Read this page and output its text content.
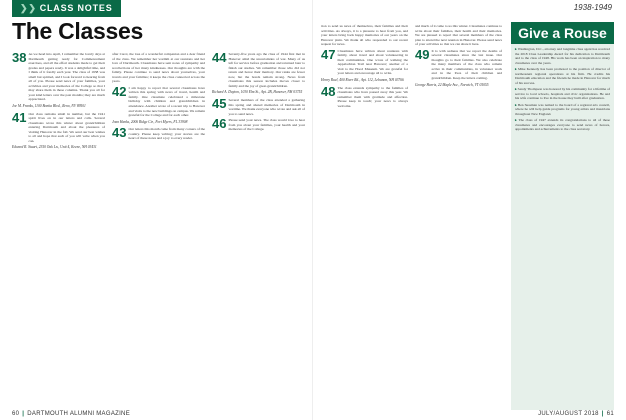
❯❯ CLASS NOTES
The Classes
38 As we head into April, I remember the lovely days at Dartmouth getting ready for Commencement exercises, and all the effort students made to get their grades and papers ready. It was a delightful time, and I think of it fondly each year. The class of 1938 was small but spirited, and I look forward to hearing from all of you. Please send news of your families, your activities and your memories of the College so that I may share them in these columns. Thank you all for your kind letters over the past months; they are much appreciated.

Joe M. Franks, 1100 Bonita Blvd., Reno, NV 89501

41 Our class remains small in number, but the 1941 spirit lives on in our letters and calls. Several classmates wrote this winter about grandchildren entering Dartmouth and about the pleasures of visiting Hanover in the fall. We send our best wishes to all and hope that each of you will write when you can.

Edward R. Stuart, 2350 Oak Ln., Unit 4, Keene, NH 03431

after Carol, the loss of a wonderful companion and a dear friend of the class. We remember her warmth at our reunions and her love of Dartmouth. Classmates have sent notes of sympathy and recollections of her many kindnesses. Our thoughts are with the family. Please continue to send news about yourselves, your travels and your families; it keeps the class connected across the years.

42 I am happy to report that several classmates have written this spring with news of travel, health and family. One classmate celebrated a milestone birthday with children and grandchildren in attendance. Another wrote of a recent trip to Hanover and visits to the new buildings on campus. We remain grateful for the College and for each other.

Joan Hanks, 2006 Ridge Cir., Fort Myers, FL 33908

43 Our letters this month came from many corners of the country. Please keep writing; your stories are the heart of these notes and a joy to every reader.

44 Seventy-five years ago the class of 1944 first met in Hanover amid the uncertainties of war. Many of us left for service before graduation and returned later to finish our studies. We remember those who did not return and honor their memory. Our ranks are fewer now, but the bonds remain strong. News from classmates this season includes moves closer to family and the joy of great-grandchildren.

Richard A. Dayton, 1030 Elm St., Apt. 2B, Hanover, NH 03755

45 Several members of the class attended a gathering this spring and shared memories of Dartmouth in wartime. We thank everyone who wrote and ask all of you to send news.

46 Please send your news. The class would love to hear from you about your families, your health and your memories of the College.

60 | DARTMOUTH ALUMNI MAGAZINE
1938-1949

tion to send us news of themselves, their families and their activities. As always, it is a pleasure to hear from you, and your letters bring back happy memories of our years on the Hanover plain. We thank all who responded to our recent request for news.

47 Classmates have written about reunions with family, about travel and about volunteering in their communities. One wrote of walking the Appalachian Trail near Hanover; another of a visit to the Hood Museum. We are grateful for your letters and encourage all to write.

Henry Ruel, 400 River Rd., Apt. 112, Lebanon, NH 03766

48 The class extends sympathy to the families of classmates who have passed away this year. We remember them with gratitude and affection. Please keep in touch; your news is always welcome.

and much of it came to us this winter. Classmates continue to write about their families, their health and their memories. We are pleased to report that several members of the class plan to attend the next reunion in Hanover. Please send news of your activities so that we can share it here.

49 It is with sadness that we report the deaths of several classmates since the last issue. Our thoughts go to their families. We also celebrate the many members of the class who remain active in their communities, in volunteer work and in the lives of their children and grandchildren. Keep the letters coming.

George Harris, 22 Maple Ave., Norwich, VT 05055

Give a Rouse

▸ Washington, D.C., attorney and longtime class agent has received the 2018 Class Leadership Award for his dedication to Dartmouth and to the class of 1948. His work has been an inspiration to many classmates over the years.

▸ Mike Kennedy has been promoted to the position of director of northeastern regional operations at his firm. He credits his Dartmouth education and the friends he made in Hanover for much of his success.

▸ Sandy Thompson was honored by his community for a lifetime of service to local schools, hospitals and civic organizations. He and his wife continue to live in the house they built after graduation.

▸ Ben Sussman was named to the board of a regional arts council, where he will help guide programs for young artists and musicians throughout New England.

▸ The class of 1947 extends its congratulations to all of these classmates and encourages everyone to send news of honors, appointments and achievements to the class secretary.

JULY/AUGUST 2018 | 61
